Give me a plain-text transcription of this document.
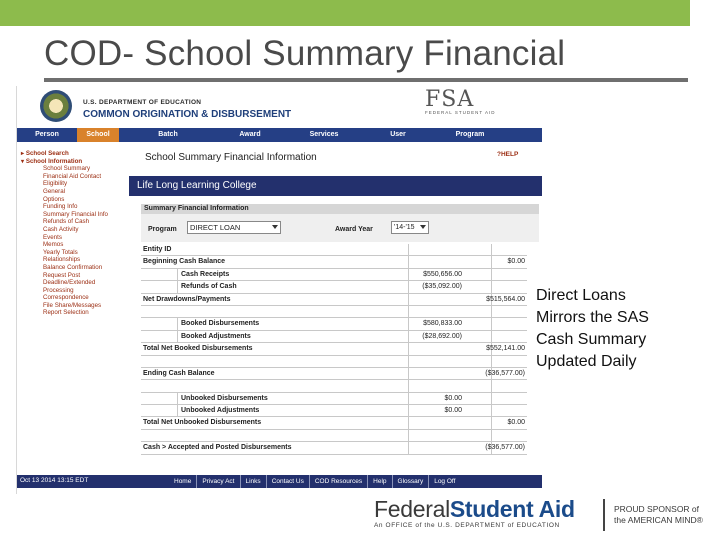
COD- School Summary Financial
U.S. DEPARTMENT OF EDUCATION
COMMON ORIGINATION & DISBURSEMENT
FSA
FEDERAL STUDENT AID
Person	School	Batch	Award	Services	User	Program
▸ School Search
▾ School Information
School Summary
Financial Aid Contact
Eligibility
General
Options
Funding Info
Summary Financial Info
Refunds of Cash
Cash Activity
Events
Memos
Yearly Totals
Relationships
Balance Confirmation
Request Post
Deadline/Extended
Processing
Correspondence
File Share/Messages
Report Selection
School Summary Financial Information	?HELP
Life Long Learning College
Summary Financial Information
Program	DIRECT LOAN	Award Year	'14-'15
Entity ID
Beginning Cash Balance	$0.00
Cash Receipts	$550,656.00
Refunds of Cash	($35,092.00)
Net Drawdowns/Payments	$515,564.00
Booked Disbursements	$580,833.00
Booked Adjustments	($28,692.00)
Total Net Booked Disbursements	$552,141.00
Ending Cash Balance	($36,577.00)
Unbooked Disbursements	$0.00
Unbooked Adjustments	$0.00
Total Net Unbooked Disbursements	$0.00
Cash > Accepted and Posted Disbursements	($36,577.00)
Oct 13 2014 13:15 EDT	Home	Privacy Act	Links	Contact Us	COD Resources	Help	Glossary	Log Off
Direct Loans
Mirrors the SAS
Cash Summary
Updated Daily
43	FederalStudent Aid
An OFFICE of the U.S. DEPARTMENT of EDUCATION
PROUD SPONSOR of
the AMERICAN MIND®
